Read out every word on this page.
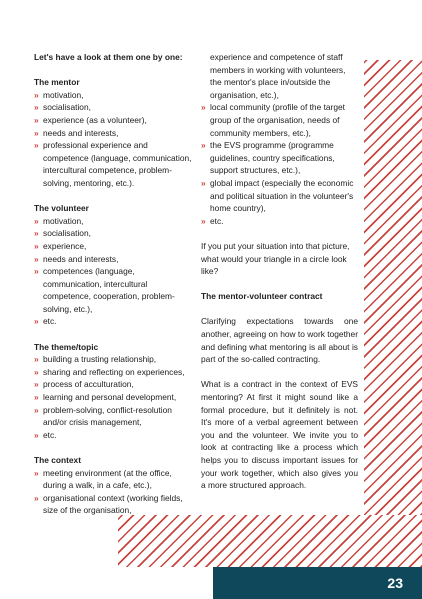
Let's have a look at them one by one:

The mentor

» motivation,
» socialisation,
» experience (as a volunteer),
» needs and interests,
» professional experience and competence (language, communication, intercultural competence, problem-solving, mentoring, etc.).

The volunteer

» motivation,
» socialisation,
» experience,
» needs and interests,
» competences (language, communication, intercultural competence, cooperation, problem-solving, etc.),
» etc.

The theme/topic

» building a trusting relationship,
» sharing and reflecting on experiences,
» process of acculturation,
» learning and personal development,
» problem-solving, conflict-resolution and/or crisis management,
» etc.

The context

» meeting environment (at the office, during a walk, in a cafe, etc.),
» organisational context (working fields, size of the organisation,
experience and competence of staff members in working with volunteers, the mentor's place in/outside the organisation, etc.),
» local community (profile of the target group of the organisation, needs of community members, etc.),
» the EVS programme (programme guidelines, country specifications, support structures, etc.),
» global impact (especially the economic and political situation in the volunteer's home country),
» etc.

If you put your situation into that picture, what would your triangle in a circle look like?

The mentor-volunteer contract

Clarifying expectations towards one another, agreeing on how to work together and defining what mentoring is all about is part of the so-called contracting.

What is a contract in the context of EVS mentoring? At first it might sound like a formal procedure, but it definitely is not. It's more of a verbal agreement between you and the volunteer. We invite you to look at contracting like a process which helps you to discuss important issues for your work together, which also gives you a more structured approach.

23
